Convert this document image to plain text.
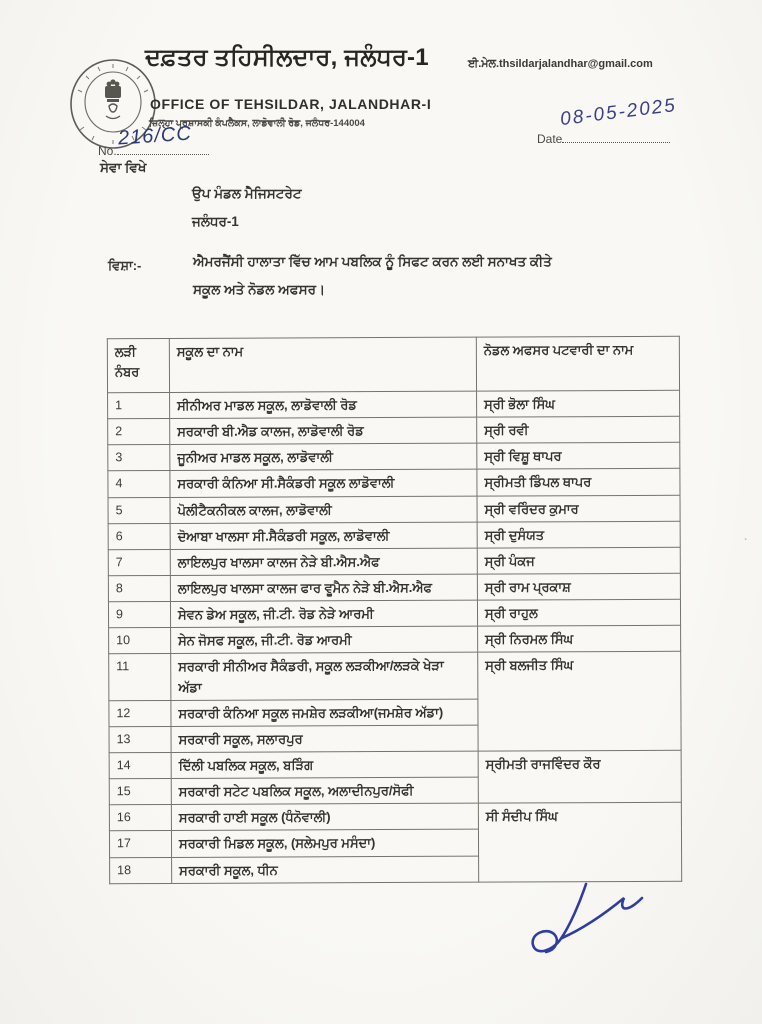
ਦਫ਼ਤਰ ਤਹਿਸੀਲਦਾਰ, ਜਲੰਧਰ-1
OFFICE OF TEHSILDAR, JALANDHAR-I
ਜ਼ਿਲ੍ਹਾ ਪ੍ਰਸ਼ਾਸਕੀ ਕੰਪਲੈਕਸ, ਲਾਡੋਵਾਲੀ ਰੋਡ, ਜਲੰਧਰ-144004
ਈ.ਮੇਲ.thsildarjalandhar@gmail.com
No.
216/CC	Date
08-05-2025
ਸੇਵਾ ਵਿਖੇ
ਉਪ ਮੰਡਲ ਮੈਜਿਸਟਰੇਟ
ਜਲੰਧਰ-1
ਵਿਸ਼ਾ:-	ਐਮਰਜੈਂਸੀ ਹਾਲਾਤਾ ਵਿੱਚ ਆਮ ਪਬਲਿਕ ਨੂੰ ਸਿਫਟ ਕਰਨ ਲਈ ਸਨਾਖਤ ਕੀਤੇ
ਸਕੂਲ ਅਤੇ ਨੋਡਲ ਅਫਸਰ।
ਲੜੀ ਨੰਬਰ	ਸਕੂਲ ਦਾ ਨਾਮ	ਨੋਡਲ ਅਫਸਰ ਪਟਵਾਰੀ ਦਾ ਨਾਮ
1	ਸੀਨੀਅਰ ਮਾਡਲ ਸਕੂਲ, ਲਾਡੋਵਾਲੀ ਰੋਡ	ਸ੍ਰੀ ਭੋਲਾ ਸਿੰਘ
2	ਸਰਕਾਰੀ ਬੀ.ਐਡ ਕਾਲਜ, ਲਾਡੋਵਾਲੀ ਰੋਡ	ਸ੍ਰੀ ਰਵੀ
3	ਜੂਨੀਅਰ ਮਾਡਲ ਸਕੂਲ, ਲਾਡੋਵਾਲੀ	ਸ੍ਰੀ ਵਿਸ਼ੂ ਥਾਪਰ
4	ਸਰਕਾਰੀ ਕੰਨਿਆ ਸੀ.ਸੈਕੰਡਰੀ ਸਕੂਲ ਲਾਡੋਵਾਲੀ	ਸ੍ਰੀਮਤੀ ਡਿੰਪਲ ਥਾਪਰ
5	ਪੋਲੀਟੈਕਨੀਕਲ ਕਾਲਜ, ਲਾਡੋਵਾਲੀ	ਸ੍ਰੀ ਵਰਿੰਦਰ ਕੁਮਾਰ
6	ਦੋਆਬਾ ਖਾਲਸਾ ਸੀ.ਸੈਕੰਡਰੀ ਸਕੂਲ, ਲਾਡੋਵਾਲੀ	ਸ੍ਰੀ ਦੁਸੰਯਤ
7	ਲਾਇਲਪੁਰ ਖਾਲਸਾ ਕਾਲਜ ਨੇੜੇ ਬੀ.ਐਸ.ਐਫ	ਸ੍ਰੀ ਪੰਕਜ
8	ਲਾਇਲਪੁਰ ਖਾਲਸਾ ਕਾਲਜ ਫਾਰ ਵੂਮੈਨ ਨੇੜੇ ਬੀ.ਐਸ.ਐਫ	ਸ੍ਰੀ ਰਾਮ ਪ੍ਰਕਾਸ਼
9	ਸੇਵਨ ਡੇਅ ਸਕੂਲ, ਜੀ.ਟੀ. ਰੋਡ ਨੇੜੇ ਆਰਮੀ	ਸ੍ਰੀ ਰਾਹੁਲ
10	ਸੇਨ ਜੋਸਫ ਸਕੂਲ, ਜੀ.ਟੀ. ਰੋਡ ਆਰਮੀ	ਸ੍ਰੀ ਨਿਰਮਲ ਸਿੰਘ
11	ਸਰਕਾਰੀ ਸੀਨੀਅਰ ਸੈਕੰਡਰੀ, ਸਕੂਲ ਲੜਕੀਆ/ਲੜਕੇ ਖੇੜਾ ਅੱਡਾ	ਸ੍ਰੀ ਬਲਜੀਤ ਸਿੰਘ
12	ਸਰਕਾਰੀ ਕੰਨਿਆ ਸਕੂਲ ਜਮਸ਼ੇਰ ਲੜਕੀਆ(ਜਮਸ਼ੇਰ ਅੱਡਾ)	
13	ਸਰਕਾਰੀ ਸਕੂਲ, ਸਲਾਰਪੁਰ	
14	ਦਿੱਲੀ ਪਬਲਿਕ ਸਕੂਲ, ਬੜਿੰਗ	ਸ੍ਰੀਮਤੀ ਰਾਜਵਿੰਦਰ ਕੌਰ
15	ਸਰਕਾਰੀ ਸਟੇਟ ਪਬਲਿਕ ਸਕੂਲ, ਅਲਾਦੀਨਪੁਰ/ਸੋਫੀ	
16	ਸਰਕਾਰੀ ਹਾਈ ਸਕੂਲ (ਧੰਨੋਵਾਲੀ)	ਸੀ ਸੰਦੀਪ ਸਿੰਘ
17	ਸਰਕਾਰੀ ਮਿਡਲ ਸਕੂਲ, (ਸਲੇਮਪੁਰ ਮਸੰਦਾ)	
18	ਸਰਕਾਰੀ ਸਕੂਲ, ਧੀਨ	
`
